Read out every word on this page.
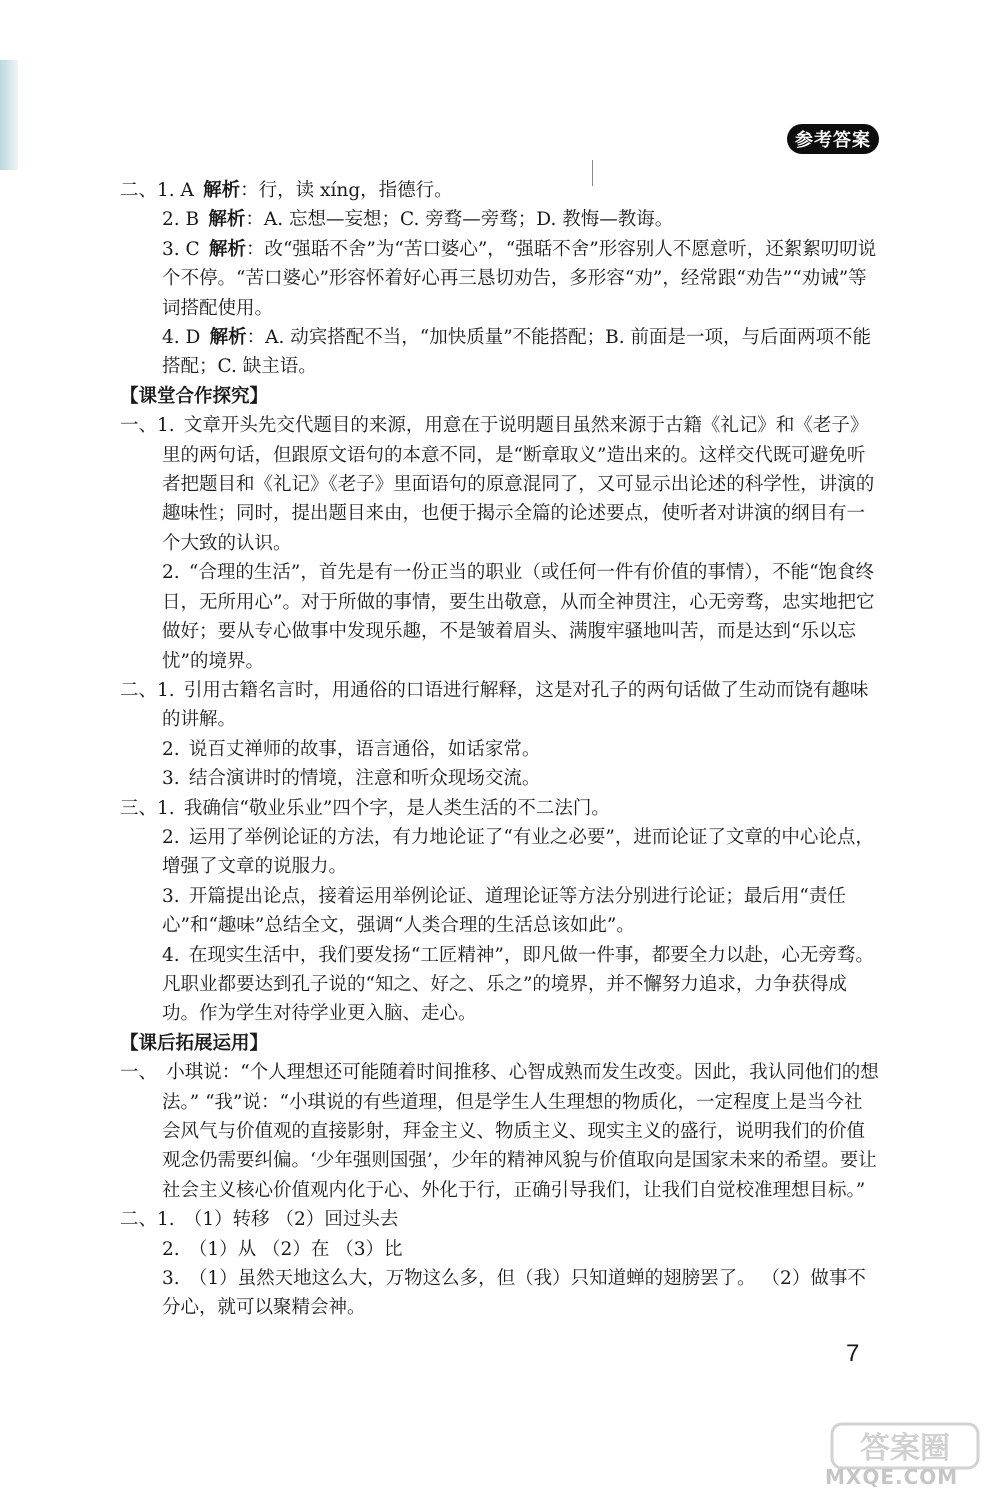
参考答案

二、1. A  解析：行，读 xíng，指德行。

2. B  解析：A. 忘想—妄想；C. 旁骛—旁骛；D. 教悔—教诲。

3. C  解析：改“强聒不舍”为“苦口婆心”，“强聒不舍”形容别人不愿意听，还絮絮叨叨说个不停。“苦口婆心”形容怀着好心再三恳切劝告，多形容“劝”，经常跟“劝告”“劝诫”等词搭配使用。

4. D  解析：A. 动宾搭配不当，“加快质量”不能搭配；B. 前面是一项，与后面两项不能搭配；C. 缺主语。

【课堂合作探究】

一、1.  文章开头先交代题目的来源，用意在于说明题目虽然来源于古籍《礼记》和《老子》里的两句话，但跟原文语句的本意不同，是“断章取义”造出来的。这样交代既可避免听者把题目和《礼记》《老子》里面语句的原意混同了，又可显示出论述的科学性，讲演的趣味性；同时，提出题目来由，也便于揭示全篇的论述要点，使听者对讲演的纲目有一个大致的认识。

2.  “合理的生活”，首先是有一份正当的职业（或任何一件有价值的事情），不能“饱食终日，无所用心”。对于所做的事情，要生出敬意，从而全神贯注，心无旁骛，忠实地把它做好；要从专心做事中发现乐趣，不是皱着眉头、满腹牢骚地叫苦，而是达到“乐以忘忧”的境界。

二、1.  引用古籍名言时，用通俗的口语进行解释，这是对孔子的两句话做了生动而饶有趣味的讲解。

2.  说百丈禅师的故事，语言通俗，如话家常。

3.  结合演讲时的情境，注意和听众现场交流。

三、1.  我确信“敬业乐业”四个字，是人类生活的不二法门。

2.  运用了举例论证的方法，有力地论证了“有业之必要”，进而论证了文章的中心论点，增强了文章的说服力。

3.  开篇提出论点，接着运用举例论证、道理论证等方法分别进行论证；最后用“责任心”和“趣味”总结全文，强调“人类合理的生活总该如此”。

4.  在现实生活中，我们要发扬“工匠精神”，即凡做一件事，都要全力以赴，心无旁骛。凡职业都要达到孔子说的“知之、好之、乐之”的境界，并不懈努力追求，力争获得成功。作为学生对待学业更入脑、走心。

【课后拓展运用】

一、  小琪说：“个人理想还可能随着时间推移、心智成熟而发生改变。因此，我认同他们的想法。” “我”说：“小琪说的有些道理，但是学生人生理想的物质化，一定程度上是当今社会风气与价值观的直接影射，拜金主义、物质主义、现实主义的盛行，说明我们的价值观念仍需要纠偏。‘少年强则国强’，少年的精神风貌与价值取向是国家未来的希望。要让社会主义核心价值观内化于心、外化于行，正确引导我们，让我们自觉校准理想目标。”

二、1.  （1）转移 （2）回过头去

2.  （1）从 （2）在 （3）比

3.  （1）虽然天地这么大，万物这么多，但（我）只知道蝉的翅膀罢了。 （2）做事不分心，就可以聚精会神。

7
答案圈
MXQE.COM
